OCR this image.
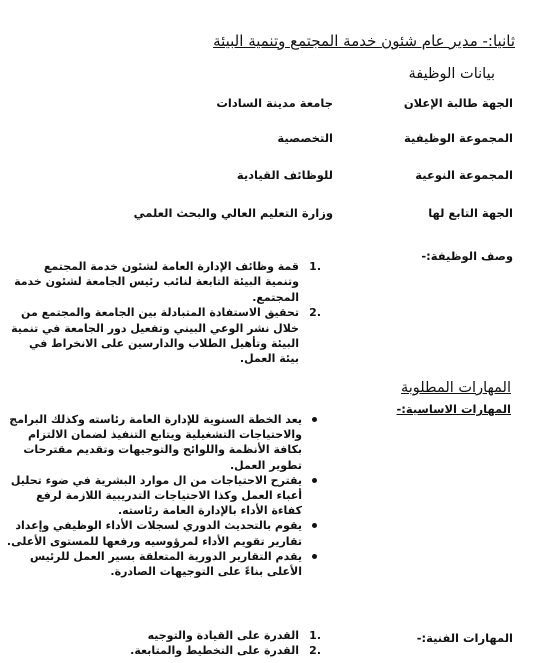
ثانيا:- مدير عام شئون خدمة المجتمع وتنمية البيئة
بيانات الوظيفة
الجهة طالبة الإعلان
جامعة مدينة السادات
المجموعة الوظيفية
التخصصية
المجموعة النوعية
للوظائف القيادية
الجهة التابع لها
وزارة التعليم العالي والبحث العلمي
وصف الوظيفة:-
.1
قمة وظائف الإدارة العامة لشئون خدمة المجتمع وتنمية البيئة التابعة لنائب رئيس الجامعة لشئون خدمة المجتمع.
.2
تحقيق الاستفادة المتبادلة بين الجامعة والمجتمع من خلال نشر الوعي البيني وتفعيل دور الجامعة في تنمية البيئة وتأهيل الطلاب والدارسين على الانخراط في بيئة العمل.
المهارات المطلوبة
المهارات الاساسية:-
يعد الخطة السنوية للإدارة العامة رئاسته وكذلك البرامج والاحتياجات التشغيلية ويتابع التنفيذ لضمان الالتزام بكافة الأنظمة واللوائح والتوجيهات وتقديم مقترحات تطوير العمل.
يقترح الاحتياجات من ال موارد البشرية في ضوء تحليل أعباء العمل وكذا الاحتياجات التدريبية اللازمة لرفع كفاءة الأداء بالإدارة العامة رئاسته.
يقوم بالتحديث الدوري لسجلات الأداء الوظيفي وإعداد تقارير تقويم الأداء لمرؤوسيه ورفعها للمستوى الأعلى.
يقدم التقارير الدورية المتعلقة بسير العمل للرئيس الأعلى بناءً على التوجيهات الصادرة.
المهارات الفنية:-
.1
القدرة على القيادة والتوجيه
.2
القدرة على التخطيط والمتابعة.
